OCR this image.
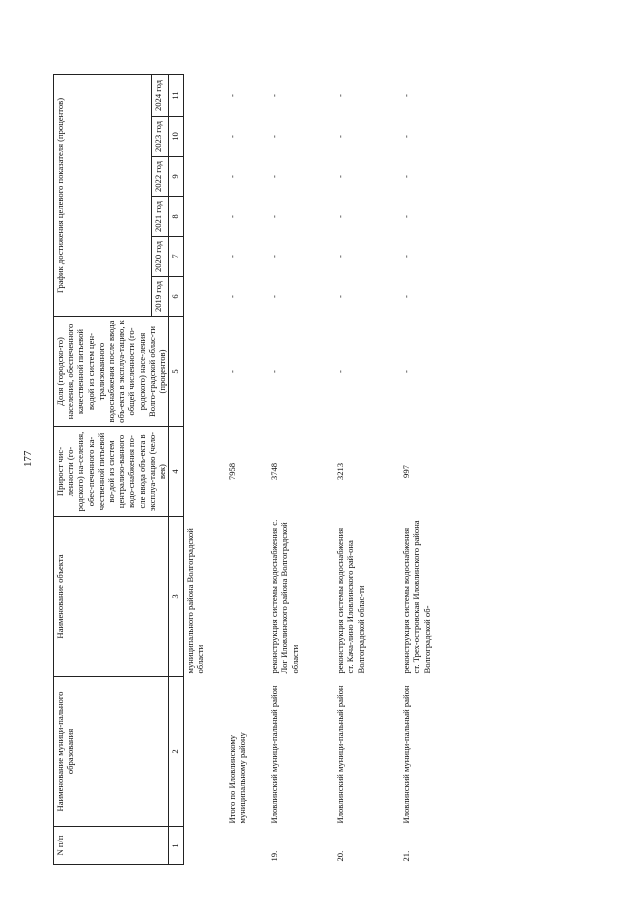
177
N п/п	Наименование муници-пального образования	Наименование объекта	Прирост чис-ленности (го-родского) на-селения, обес-печенного ка-чественной питьевой во-дой из систем централизо-ванного водо-снабжения по-сле ввода объ-екта в эксплуа-тацию (чело-век)	Доля (городско-го) населения, обеспеченного качественной питьевой водой из систем цен-трализованного водоснабжения после ввода объ-екта в эксплуа-тацию, к общей численности (го-родского) насе-ления Волго-градской облас-ти (процентов)	График достижения целевого показателя (процентов)					
					2019 год	2020 год	2021 год	2022 год	2023 год	2024 год
1	2	3	4	5	6	7	8	9	10	11
		муниципального района Волгоградской области								
	Итого по Иловлинскому муниципальному району		7958	-	-	-	-	-	-	-
19.	Иловлинский муници-пальный район	реконструкция системы водоснабжения с. Лог Иловлинского района Волгоградской области	3748	-	-	-	-	-	-	-
20.	Иловлинский муници-пальный район	реконструкция системы водоснабжения ст. Кача-лино Иловлинского рай-она Волгоградской облас-ти	3213	-	-	-	-	-	-	-
21.	Иловлинский муници-пальный район	реконструкция системы водоснабжения ст. Трех-островская Иловлинского района Волгоградской об-	997	-	-	-	-	-	-	-
